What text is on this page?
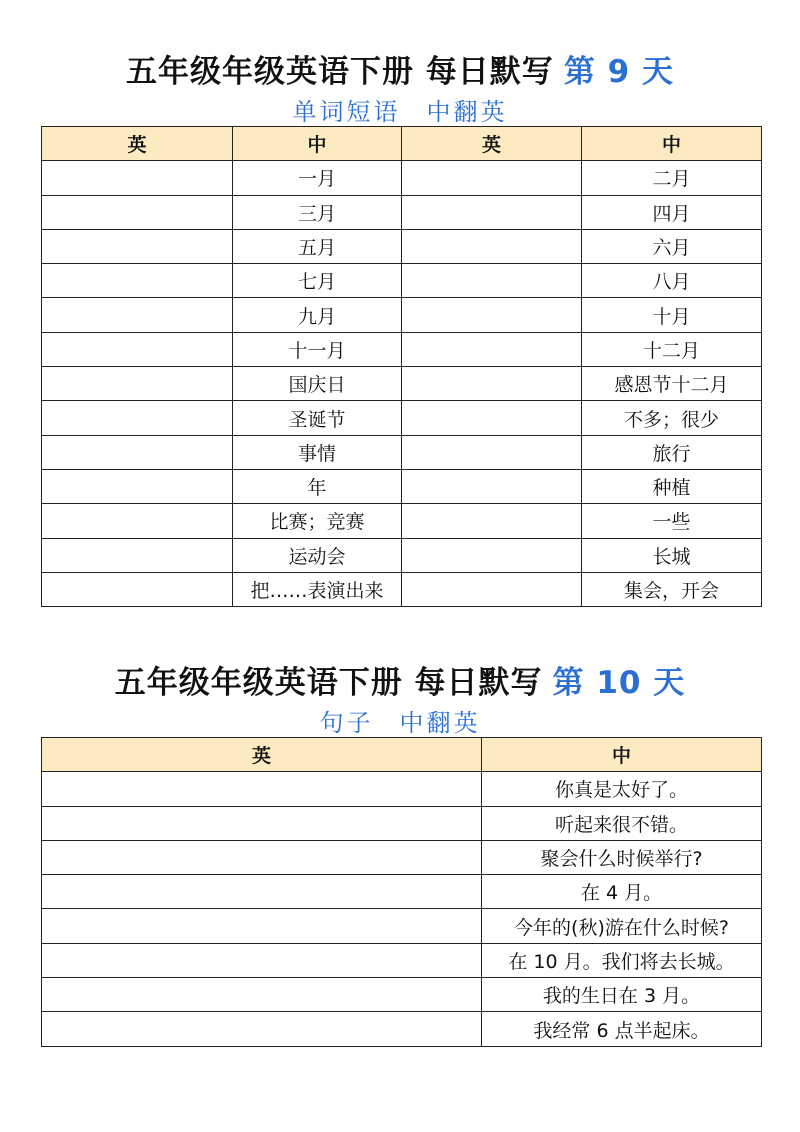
五年级年级英语下册 每日默写 第 9 天
单词短语 中翻英
英	中	英	中
	一月		二月
	三月		四月
	五月		六月
	七月		八月
	九月		十月
	十一月		十二月
	国庆日		感恩节十二月
	圣诞节		不多；很少
	事情		旅行
	年		种植
	比赛；竞赛		一些
	运动会		长城
	把……表演出来		集会，开会
五年级年级英语下册 每日默写 第 10 天
句子 中翻英
英	中
	你真是太好了。
	听起来很不错。
	聚会什么时候举行?
	在 4 月。
	今年的(秋)游在什么时候?
	在 10 月。我们将去长城。
	我的生日在 3 月。
	我经常 6 点半起床。
